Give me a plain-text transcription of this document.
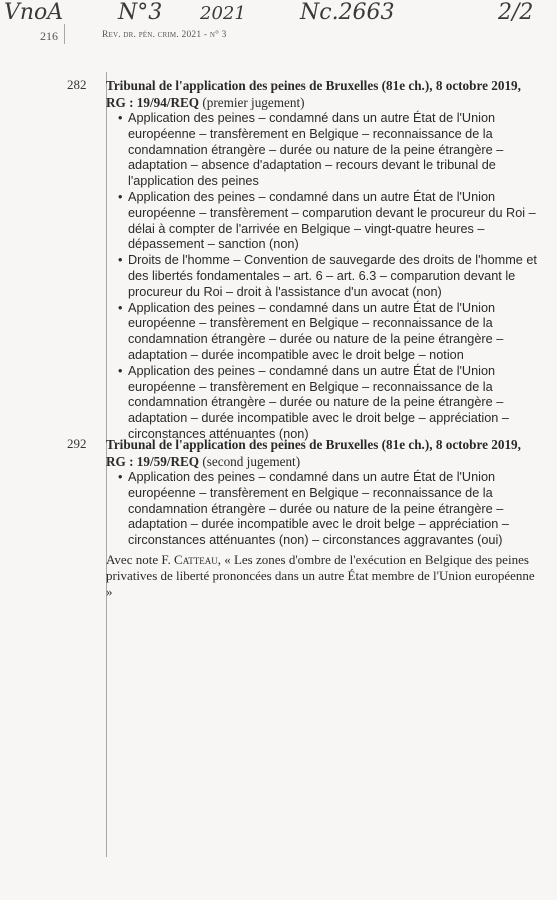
VnoA N°3 2021 Nc.2663	2/2
216	Rev. dr. pén. crim. 2021 - n° 3
282 Tribunal de l'application des peines de Bruxelles (81e ch.), 8 octobre 2019, RG : 19/94/REQ (premier jugement)

• Application des peines – condamné dans un autre État de l'Union européenne – transfèrement en Belgique – reconnaissance de la condamnation étrangère – durée ou nature de la peine étrangère – adaptation – absence d'adaptation – recours devant le tribunal de l'application des peines
• Application des peines – condamné dans un autre État de l'Union européenne – transfèrement – comparution devant le procureur du Roi – délai à compter de l'arrivée en Belgique – vingt-quatre heures – dépassement – sanction (non)
• Droits de l'homme – Convention de sauvegarde des droits de l'homme et des libertés fondamentales – art. 6 – art. 6.3 – comparution devant le procureur du Roi – droit à l'assistance d'un avocat (non)
• Application des peines – condamné dans un autre État de l'Union européenne – transfèrement en Belgique – reconnaissance de la condamnation étrangère – durée ou nature de la peine étrangère – adaptation – durée incompatible avec le droit belge – notion
• Application des peines – condamné dans un autre État de l'Union européenne – transfèrement en Belgique – reconnaissance de la condamnation étrangère – durée ou nature de la peine étrangère – adaptation – durée incompatible avec le droit belge – appréciation – circonstances atténuantes (non)
292 Tribunal de l'application des peines de Bruxelles (81e ch.), 8 octobre 2019, RG : 19/59/REQ (second jugement)

• Application des peines – condamné dans un autre État de l'Union européenne – transfèrement en Belgique – reconnaissance de la condamnation étrangère – durée ou nature de la peine étrangère – adaptation – durée incompatible avec le droit belge – appréciation – circonstances atténuantes (non) – circonstances aggravantes (oui)
Avec note F. Catteau, « Les zones d'ombre de l'exécution en Belgique des peines privatives de liberté prononcées dans un autre État membre de l'Union européenne »
